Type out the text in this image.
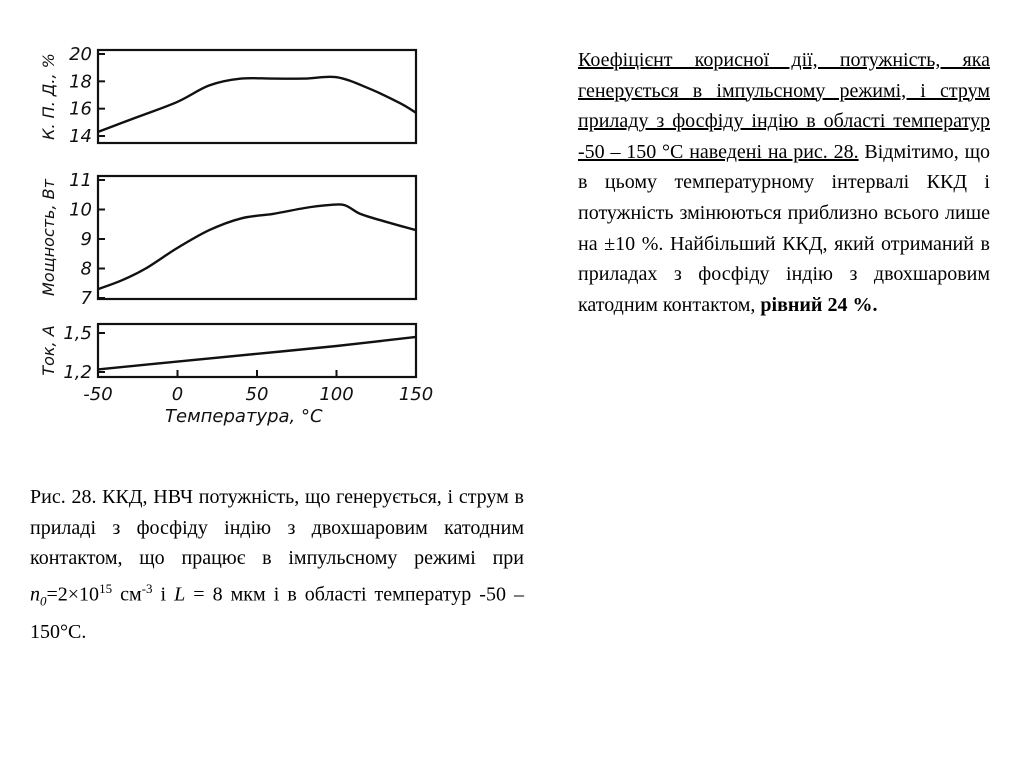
20
18
16
14
К. П. Д., %
11
10
9
8
7
Мощность, Вт
1,5
1,2
Ток, А
-50	0	50	100	150
Температура, °С
Коефіцієнт корисної дії, потужність, яка генерується в імпульсному режимі, і струм приладу з фосфіду індію в області температур -50 – 150 °С наведені на рис. 28. Відмітимо, що в цьому температурному інтервалі ККД і потужність змінюються приблизно всього лише на ±10 %. Найбільший ККД, який отриманий в приладах з фосфіду індію з двохшаровим катодним контактом, рівний 24 %.
Рис. 28. ККД, НВЧ потужність, що генерується, і струм в приладі з фосфіду індію з двохшаровим катодним контактом, що працює в імпульсному режимі при $n_0=2\times 10^{15}$ $см^{-3}$ і L = 8 мкм і в області температур -50 – 150°С.
